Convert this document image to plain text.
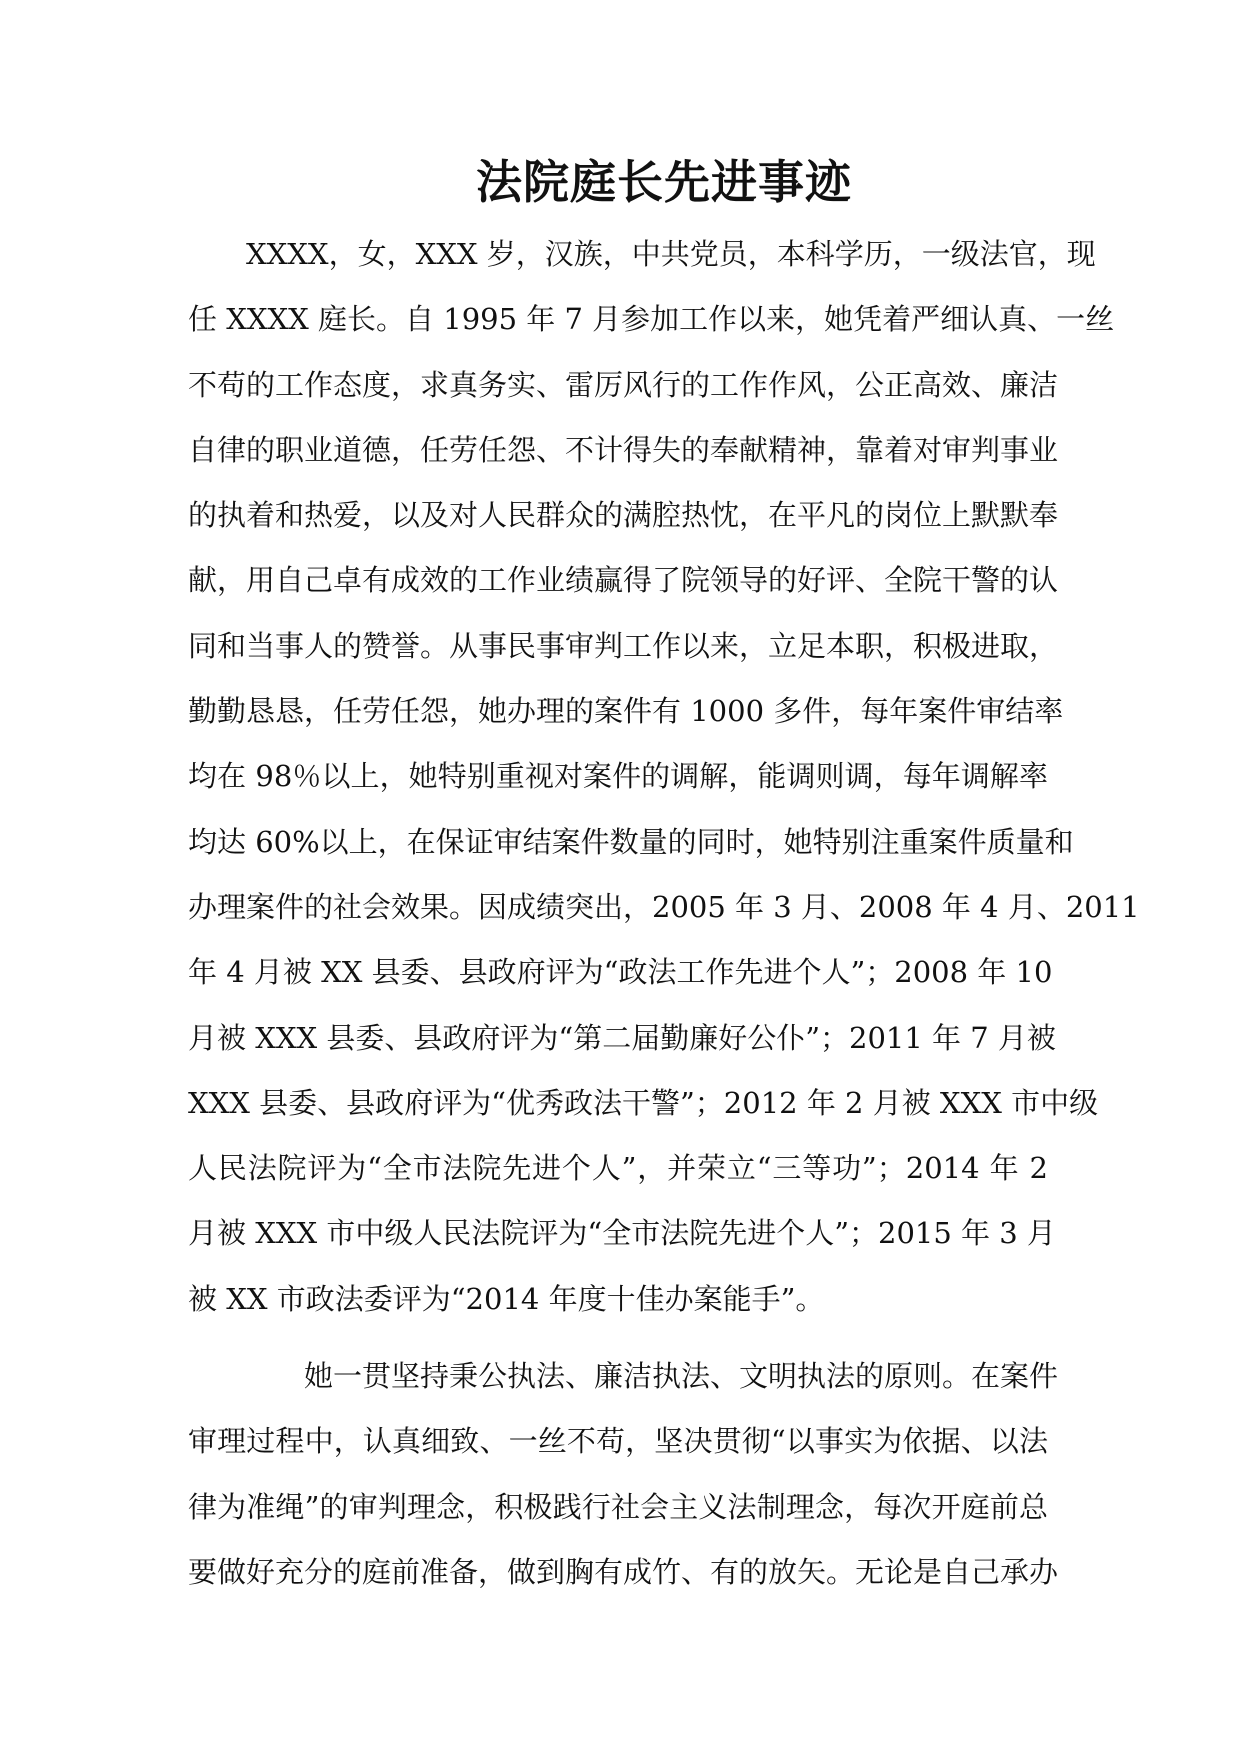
法院庭长先进事迹
XXXX，女，XXX 岁，汉族，中共党员，本科学历，一级法官，现
任 XXXX 庭长。自 1995 年 7 月参加工作以来，她凭着严细认真、一丝
不苟的工作态度，求真务实、雷厉风行的工作作风，公正高效、廉洁
自律的职业道德，任劳任怨、不计得失的奉献精神，靠着对审判事业
的执着和热爱，以及对人民群众的满腔热忱，在平凡的岗位上默默奉
献，用自己卓有成效的工作业绩赢得了院领导的好评、全院干警的认
同和当事人的赞誉。从事民事审判工作以来，立足本职，积极进取，
勤勤恳恳，任劳任怨，她办理的案件有 1000 多件，每年案件审结率
均在 98％以上，她特别重视对案件的调解，能调则调，每年调解率
均达 60%以上，在保证审结案件数量的同时，她特别注重案件质量和
办理案件的社会效果。因成绩突出，2005 年 3 月、2008 年 4 月、2011
年 4 月被 XX 县委、县政府评为“政法工作先进个人”；2008 年 10
月被 XXX 县委、县政府评为“第二届勤廉好公仆”；2011 年 7 月被
XXX 县委、县政府评为“优秀政法干警”；2012 年 2 月被 XXX 市中级
人民法院评为“全市法院先进个人”，并荣立“三等功”；2014 年 2
月被 XXX 市中级人民法院评为“全市法院先进个人”；2015 年 3 月
被 XX 市政法委评为“2014 年度十佳办案能手”。
她一贯坚持秉公执法、廉洁执法、文明执法的原则。在案件
审理过程中，认真细致、一丝不苟，坚决贯彻“以事实为依据、以法
律为准绳”的审判理念，积极践行社会主义法制理念，每次开庭前总
要做好充分的庭前准备，做到胸有成竹、有的放矢。无论是自己承办
